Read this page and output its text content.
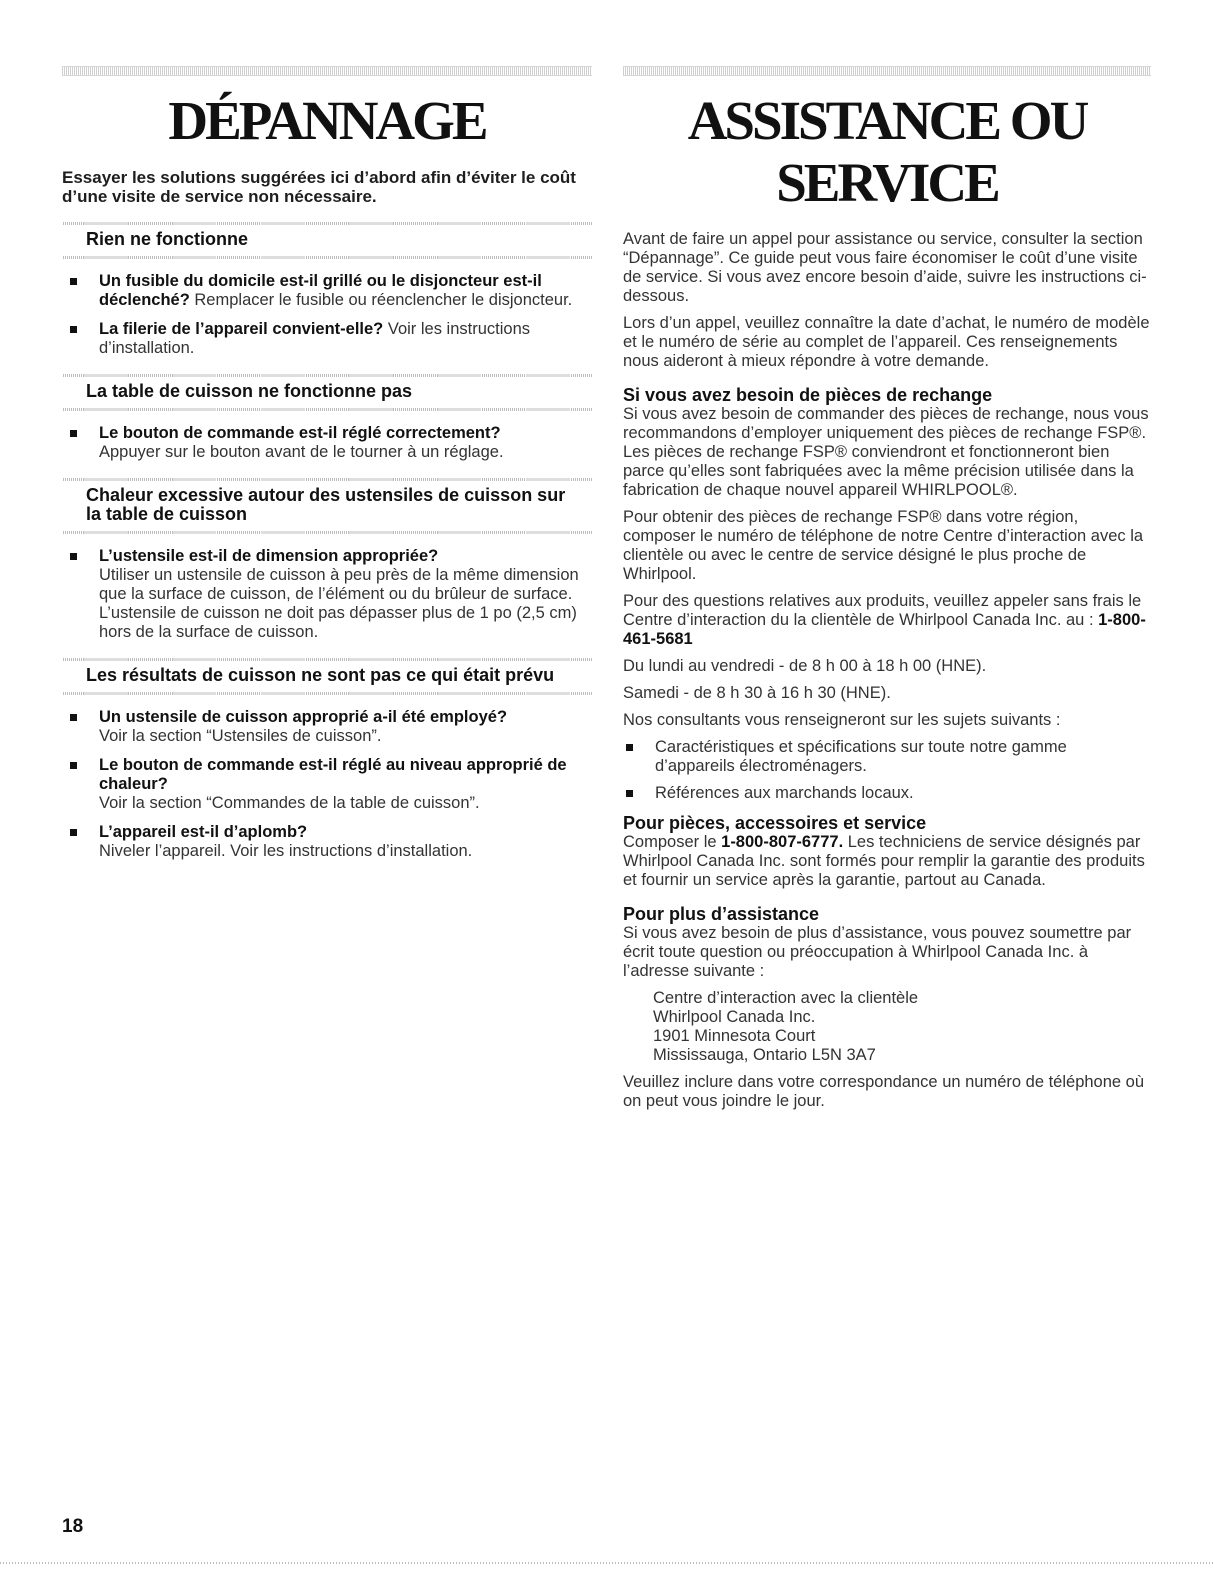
DÉPANNAGE

Essayer les solutions suggérées ici d’abord afin d’éviter le coût d’une visite de service non nécessaire.

Rien ne fonctionne
Un fusible du domicile est-il grillé ou le disjoncteur est-il déclenché? Remplacer le fusible ou réenclencher le disjoncteur.
La filerie de l’appareil convient-elle? Voir les instructions d’installation.
La table de cuisson ne fonctionne pas
Le bouton de commande est-il réglé correctement?
Appuyer sur le bouton avant de le tourner à un réglage.
Chaleur excessive autour des ustensiles de cuisson sur la table de cuisson
L’ustensile est-il de dimension appropriée?
Utiliser un ustensile de cuisson à peu près de la même dimension que la surface de cuisson, de l’élément ou du brûleur de surface. L’ustensile de cuisson ne doit pas dépasser plus de 1 po (2,5 cm) hors de la surface de cuisson.
Les résultats de cuisson ne sont pas ce qui était prévu
Un ustensile de cuisson approprié a-il été employé?
Voir la section “Ustensiles de cuisson”.
Le bouton de commande est-il réglé au niveau approprié de chaleur?
Voir la section “Commandes de la table de cuisson”.
L’appareil est-il d’aplomb?
Niveler l’appareil. Voir les instructions d’installation.
ASSISTANCE OU SERVICE

Avant de faire un appel pour assistance ou service, consulter la section “Dépannage”. Ce guide peut vous faire économiser le coût d’une visite de service. Si vous avez encore besoin d’aide, suivre les instructions ci-dessous.

Lors d’un appel, veuillez connaître la date d’achat, le numéro de modèle et le numéro de série au complet de l’appareil. Ces renseignements nous aideront à mieux répondre à votre demande.

Si vous avez besoin de pièces de rechange

Si vous avez besoin de commander des pièces de rechange, nous vous recommandons d’employer uniquement des pièces de rechange FSP®. Les pièces de rechange FSP® conviendront et fonctionneront bien parce qu’elles sont fabriquées avec la même précision utilisée dans la fabrication de chaque nouvel appareil WHIRLPOOL®.

Pour obtenir des pièces de rechange FSP® dans votre région, composer le numéro de téléphone de notre Centre d’interaction avec la clientèle ou avec le centre de service désigné le plus proche de Whirlpool.

Pour des questions relatives aux produits, veuillez appeler sans frais le Centre d’interaction du la clientèle de Whirlpool Canada Inc. au : 1-800-461-5681

Du lundi au vendredi - de 8 h 00 à 18 h 00 (HNE).

Samedi - de 8 h 30 à 16 h 30 (HNE).

Nos consultants vous renseigneront sur les sujets suivants :

Caractéristiques et spécifications sur toute notre gamme d’appareils électroménagers.
Références aux marchands locaux.
Pour pièces, accessoires et service

Composer le 1-800-807-6777. Les techniciens de service désignés par Whirlpool Canada Inc. sont formés pour remplir la garantie des produits et fournir un service après la garantie, partout au Canada.

Pour plus d’assistance

Si vous avez besoin de plus d’assistance, vous pouvez soumettre par écrit toute question ou préoccupation à Whirlpool Canada Inc. à l’adresse suivante :

Centre d’interaction avec la clientèle
Whirlpool Canada Inc.
1901 Minnesota Court
Mississauga, Ontario L5N 3A7

Veuillez inclure dans votre correspondance un numéro de téléphone où on peut vous joindre le jour.

18
